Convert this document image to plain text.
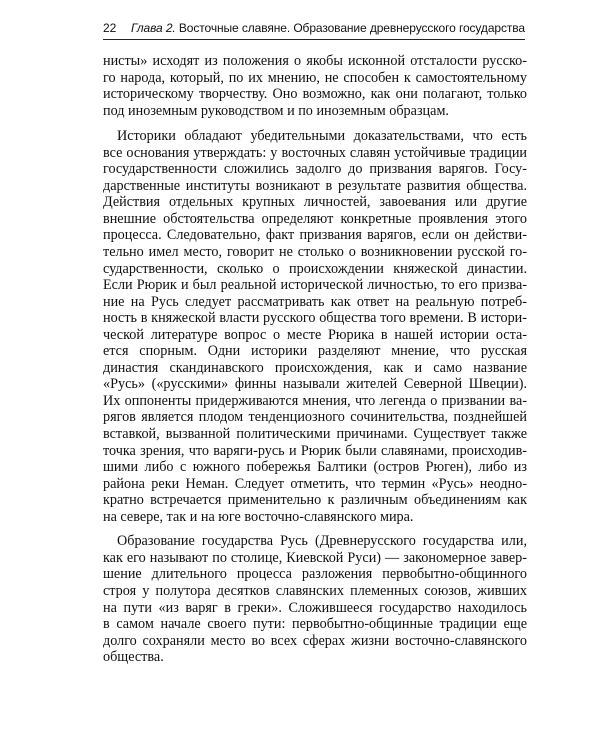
22 Глава 2. Восточные славяне. Образование древнерусского государства
нисты» исходят из положения о якобы исконной отсталости русско-
го народа, который, по их мнению, не способен к самостоятельному
историческому творчеству. Оно возможно, как они полагают, только
под иноземным руководством и по иноземным образцам.
Историки обладают убедительными доказательствами, что есть
все основания утверждать: у восточных славян устойчивые традиции
государственности сложились задолго до призвания варягов. Госу-
дарственные институты возникают в результате развития общества.
Действия отдельных крупных личностей, завоевания или другие
внешние обстоятельства определяют конкретные проявления этого
процесса. Следовательно, факт призвания варягов, если он действи-
тельно имел место, говорит не столько о возникновении русской го-
сударственности, сколько о происхождении княжеской династии.
Если Рюрик и был реальной исторической личностью, то его призва-
ние на Русь следует рассматривать как ответ на реальную потреб-
ность в княжеской власти русского общества того времени. В истори-
ческой литературе вопрос о месте Рюрика в нашей истории оста-
ется спорным. Одни историки разделяют мнение, что русская
династия скандинавского происхождения, как и само название
«Русь» («русскими» финны называли жителей Северной Швеции).
Их оппоненты придерживаются мнения, что легенда о призвании ва-
рягов является плодом тенденциозного сочинительства, позднейшей
вставкой, вызванной политическими причинами. Существует также
точка зрения, что варяги-русь и Рюрик были славянами, происходив-
шими либо с южного побережья Балтики (остров Рюген), либо из
района реки Неман. Следует отметить, что термин «Русь» неодно-
кратно встречается применительно к различным объединениям как
на севере, так и на юге восточно-славянского мира.
Образование государства Русь (Древнерусского государства или,
как его называют по столице, Киевской Руси) — закономерное завер-
шение длительного процесса разложения первобытно-общинного
строя у полутора десятков славянских племенных союзов, живших
на пути «из варяг в греки». Сложившееся государство находилось
в самом начале своего пути: первобытно-общинные традиции еще
долго сохраняли место во всех сферах жизни восточно-славянского
общества.
